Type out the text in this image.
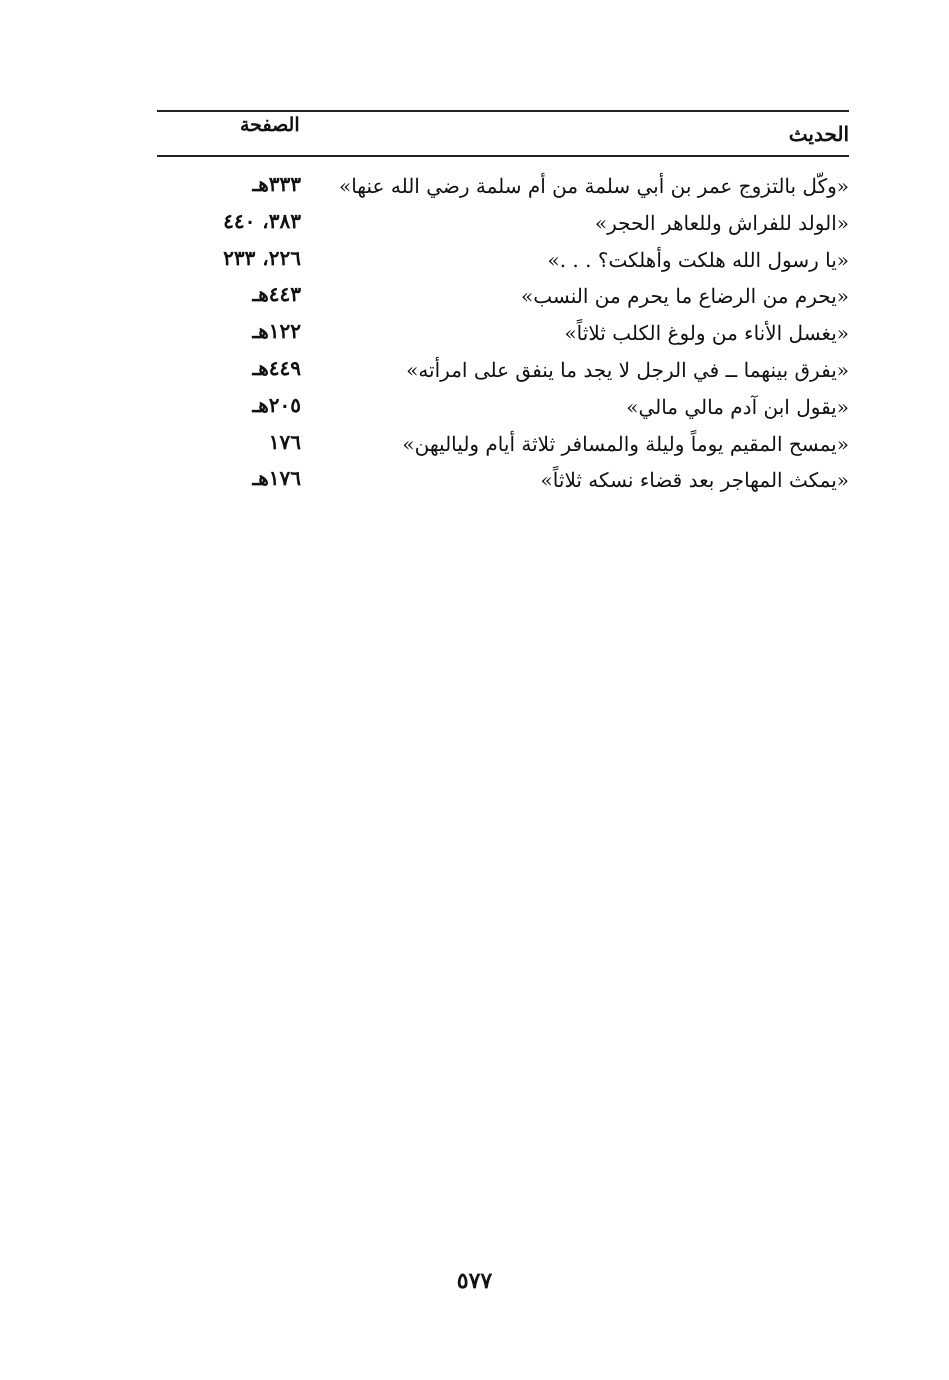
الحديث
الصفحة
«وكّل بالتزوج عمر بن أبي سلمة من أم سلمة رضي الله عنها»
٣٣٣هـ
«الولد للفراش وللعاهر الحجر»
٣٨٣، ٤٤٠
«يا رسول الله هلكت وأهلكت؟ . . .»
٢٢٦، ٢٣٣
«يحرم من الرضاع ما يحرم من النسب»
٤٤٣هـ
«يغسل الأناء من ولوغ الكلب ثلاثاً»
١٢٢هـ
«يفرق بينهما ــ في الرجل لا يجد ما ينفق على امرأته»
٤٤٩هـ
«يقول ابن آدم مالي مالي»
٢٠٥هـ
«يمسح المقيم يوماً وليلة والمسافر ثلاثة أيام ولياليهن»
١٧٦
«يمكث المهاجر بعد قضاء نسكه ثلاثاً»
١٧٦هـ
٥٧٧
